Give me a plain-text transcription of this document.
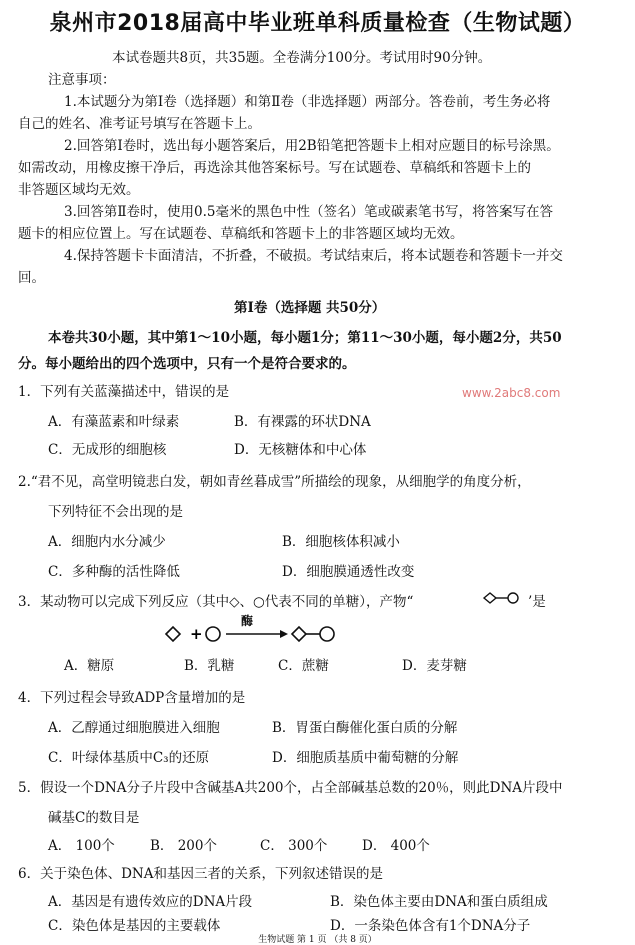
泉州市2018届高中毕业班单科质量检查（生物试题）
本试卷题共8页，共35题。全卷满分100分。考试用时90分钟。
注意事项：
1.本试题分为第Ⅰ卷（选择题）和第Ⅱ卷（非选择题）两部分。答卷前，考生务必将
自己的姓名、准考证号填写在答题卡上。
2.回答第Ⅰ卷时，选出每小题答案后，用2B铅笔把答题卡上相对应题目的标号涂黑。
如需改动，用橡皮擦干净后，再选涂其他答案标号。写在试题卷、草稿纸和答题卡上的
非答题区域均无效。
3.回答第Ⅱ卷时，使用0.5毫米的黑色中性（签名）笔或碳素笔书写，将答案写在答
题卡的相应位置上。写在试题卷、草稿纸和答题卡上的非答题区域均无效。
4.保持答题卡卡面清洁，不折叠，不破损。考试结束后，将本试题卷和答题卡一并交
回。
第Ⅰ卷（选择题 共50分）
本卷共30小题，其中第1～10小题，每小题1分；第11～30小题，每小题2分，共50
分。每小题给出的四个选项中，只有一个是符合要求的。
1．下列有关蓝藻描述中，错误的是	www.2abc8.com
A．有藻蓝素和叶绿素	B．有裸露的环状DNA
C．无成形的细胞核	D．无核糖体和中心体
2.“君不见，高堂明镜悲白发，朝如青丝暮成雪”所描绘的现象，从细胞学的角度分析，
下列特征不会出现的是
A．细胞内水分减少	B．细胞核体积减小
C．多种酶的活性降低	D．细胞膜通透性改变
3．某动物可以完成下列反应（其中◇、○代表不同的单糖），产物“	’是
+
酶
A．糖原	B．乳糖	C．蔗糖	D．麦芽糖
4．下列过程会导致ADP含量增加的是
A．乙醇通过细胞膜进入细胞	B．胃蛋白酶催化蛋白质的分解
C．叶绿体基质中C₃的还原	D．细胞质基质中葡萄糖的分解
5．假设一个DNA分子片段中含碱基A共200个，占全部碱基总数的20％，则此DNA片段中
碱基C的数目是
A． 100个	B． 200个	C． 300个	D． 400个
6．关于染色体、DNA和基因三者的关系，下列叙述错误的是
A．基因是有遗传效应的DNA片段	B．染色体主要由DNA和蛋白质组成
C．染色体是基因的主要载体	D．一条染色体含有1个DNA分子
生物试题 第 1 页 （共 8 页）
